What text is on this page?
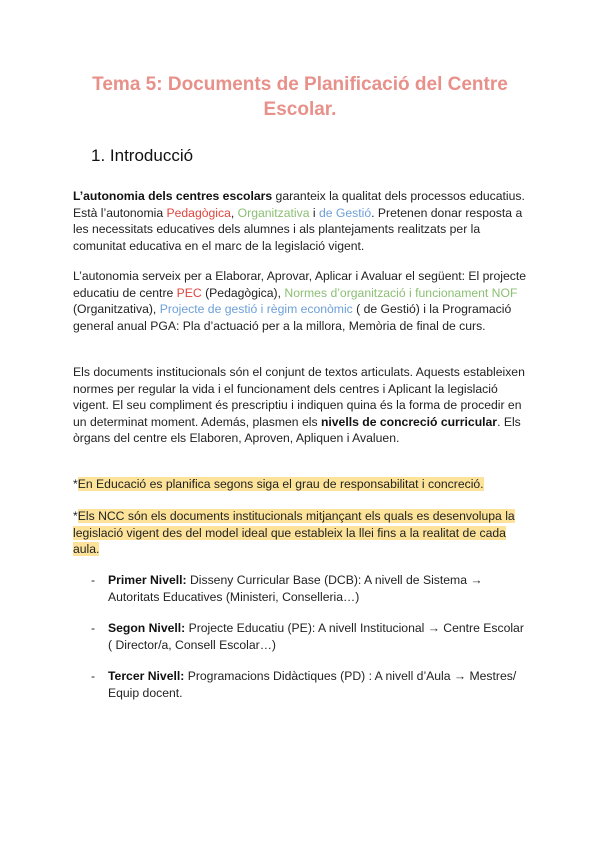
Tema 5: Documents de Planificació del Centre
Escolar.
1. Introducció
L’autonomia dels centres escolars garanteix la qualitat dels processos educatius.
Està l’autonomia Pedagògica, Organitzativa i de Gestió. Pretenen donar resposta a
les necessitats educatives dels alumnes i als plantejaments realitzats per la
comunitat educativa en el marc de la legislació vigent.
L’autonomia serveix per a Elaborar, Aprovar, Aplicar i Avaluar el següent: El projecte
educatiu de centre PEC (Pedagògica), Normes d’organització i funcionament NOF
(Organitzativa), Projecte de gestió i règim econòmic ( de Gestió) i la Programació
general anual PGA: Pla d’actuació per a la millora, Memòria de final de curs.
Els documents institucionals són el conjunt de textos articulats. Aquests estableixen
normes per regular la vida i el funcionament dels centres i Aplicant la legislació
vigent. El seu compliment és prescriptiu i indiquen quina és la forma de procedir en
un determinat moment. Además, plasmen els nivells de concreció curricular. Els
òrgans del centre els Elaboren, Aproven, Apliquen i Avaluen.
*En Educació es planifica segons siga el grau de responsabilitat i concreció.
*Els NCC són els documents institucionals mitjançant els quals es desenvolupa la
legislació vigent des del model ideal que estableix la llei fins a la realitat de cada
aula.
- Primer Nivell: Disseny Curricular Base (DCB): A nivell de Sistema →
Autoritats Educatives (Ministeri, Conselleria…)
- Segon Nivell: Projecte Educatiu (PE): A nivell Institucional → Centre Escolar
( Director/a, Consell Escolar…)
- Tercer Nivell: Programacions Didàctiques (PD) : A nivell d’Aula → Mestres/
Equip docent.
